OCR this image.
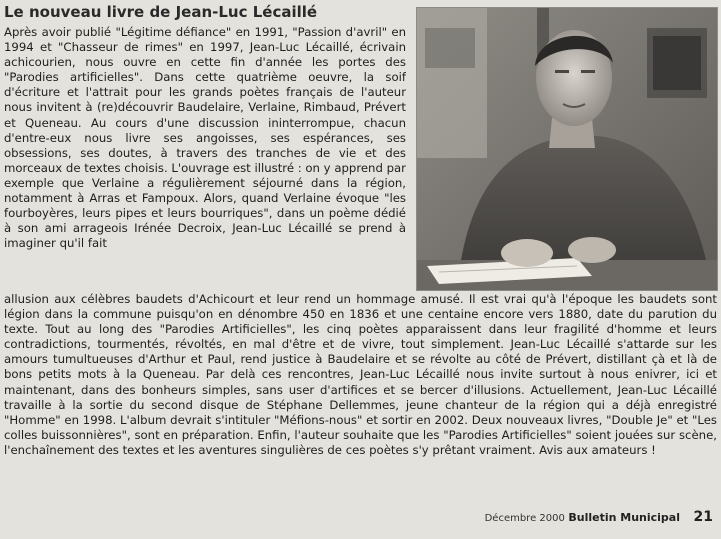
Le nouveau livre de Jean-Luc Lécaillé
Après avoir publié "Légitime défiance" en 1991, "Passion d'avril" en 1994 et "Chasseur de rimes" en 1997, Jean-Luc Lécaillé, écrivain achicourien, nous ouvre en cette fin d'année les portes des "Parodies artificielles". Dans cette quatrième oeuvre, la soif d'écriture et l'attrait pour les grands poètes français de l'auteur nous invitent à (re)découvrir Baudelaire, Verlaine, Rimbaud, Prévert et Queneau. Au cours d'une discussion ininterrompue, chacun d'entre-eux nous livre ses angoisses, ses espérances, ses obsessions, ses doutes, à travers des tranches de vie et des morceaux de textes choisis. L'ouvrage est illustré : on y apprend par exemple que Verlaine a régulièrement séjourné dans la région, notamment à Arras et Fampoux. Alors, quand Verlaine évoque "les fourboyères, leurs pipes et leurs bourriques", dans un poème dédié à son ami arrageois Irénée Decroix, Jean-Luc Lécaillé se prend à imaginer qu'il fait
allusion aux célèbres baudets d'Achicourt et leur rend un hommage amusé. Il est vrai qu'à l'époque les baudets sont légion dans la commune puisqu'on en dénombre 450 en 1836 et une centaine encore vers 1880, date du parution du texte. Tout au long des "Parodies Artificielles", les cinq poètes apparaissent dans leur fragilité d'homme et leurs contradictions, tourmentés, révoltés, en mal d'être et de vivre, tout simplement. Jean-Luc Lécaillé s'attarde sur les amours tumultueuses d'Arthur et Paul, rend justice à Baudelaire et se révolte au côté de Prévert, distillant çà et là de bons petits mots à la Queneau. Par delà ces rencontres, Jean-Luc Lécaillé nous invite surtout à nous enivrer, ici et maintenant, dans des bonheurs simples, sans user d'artifices et se bercer d'illusions. Actuellement, Jean-Luc Lécaillé travaille à la sortie du second disque de Stéphane Dellemmes, jeune chanteur de la région qui a déjà enregistré "Homme" en 1998. L'album devrait s'intituler "Méfions-nous" et sortir en 2002. Deux nouveaux livres, "Double Je" et "Les colles buissonnières", sont en préparation. Enfin, l'auteur souhaite que les "Parodies Artificielles" soient jouées sur scène, l'enchaînement des textes et les aventures singulières de ces poètes s'y prêtant vraiment. Avis aux amateurs !
Décembre 2000 Bulletin Municipal 21
